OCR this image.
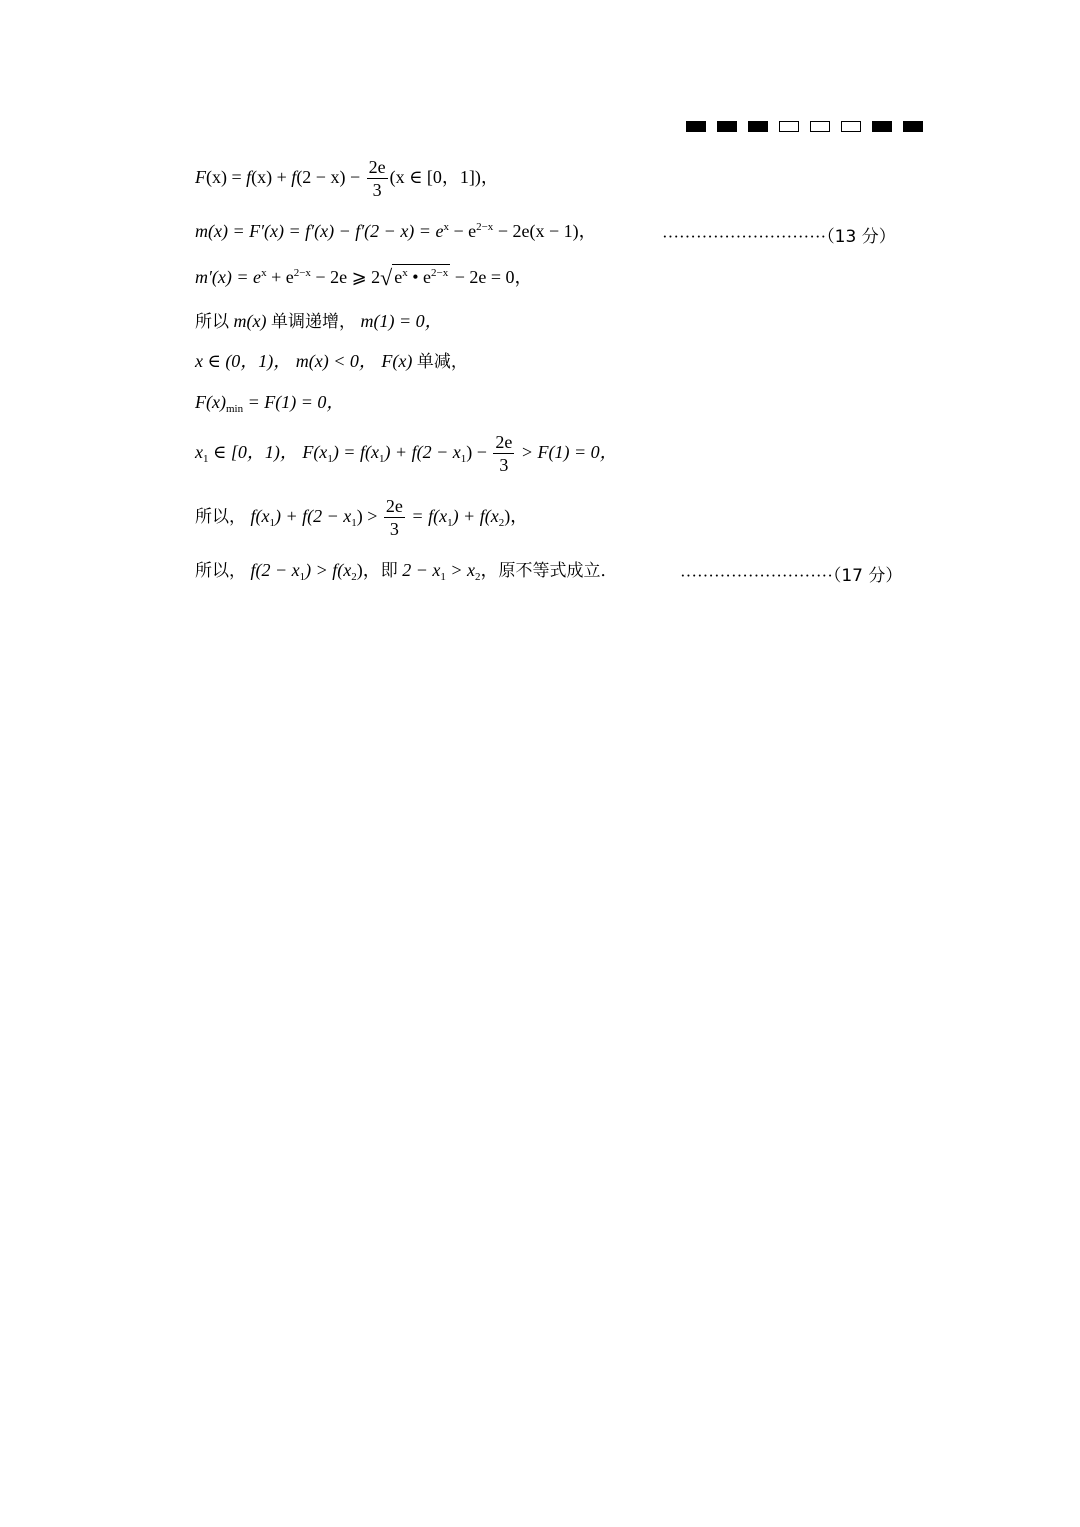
$F(x) = f(x) + f(2 - x) - \frac{2e}{3} (x$ ∈ [0，1])，
$m(x) = F'(x) = f'(x) - f'(2 - x) = e^x - e^{2-x} - 2e(x - 1)$，	·····························（13 分）
$m'(x) = e^x + e^{2-x} - 2e$ ⩾ 2√ $e^x$ • $e^{2-x} - 2e = 0$，
所以 m(x) 单调递增， m(1) = 0，
x ∈ (0，1)， m(x) < 0， F(x) 单减，
$F(x)_{min} = F(1) = 0$，
$x_1$ ∈ [0，1)， $F(x_1) = f(x_1) + f(2 - x_1) - \frac{2e}{3} > F(1) = 0$，
所以， $f(x_1) + f(2 - x_1) > \frac{2e}{3} = f(x_1) + f(x_2)$，
所以， $f(2 - x_1) > f(x_2)$，即 $2 - x_1 > x_2$，原不等式成立．	···························（17 分）
